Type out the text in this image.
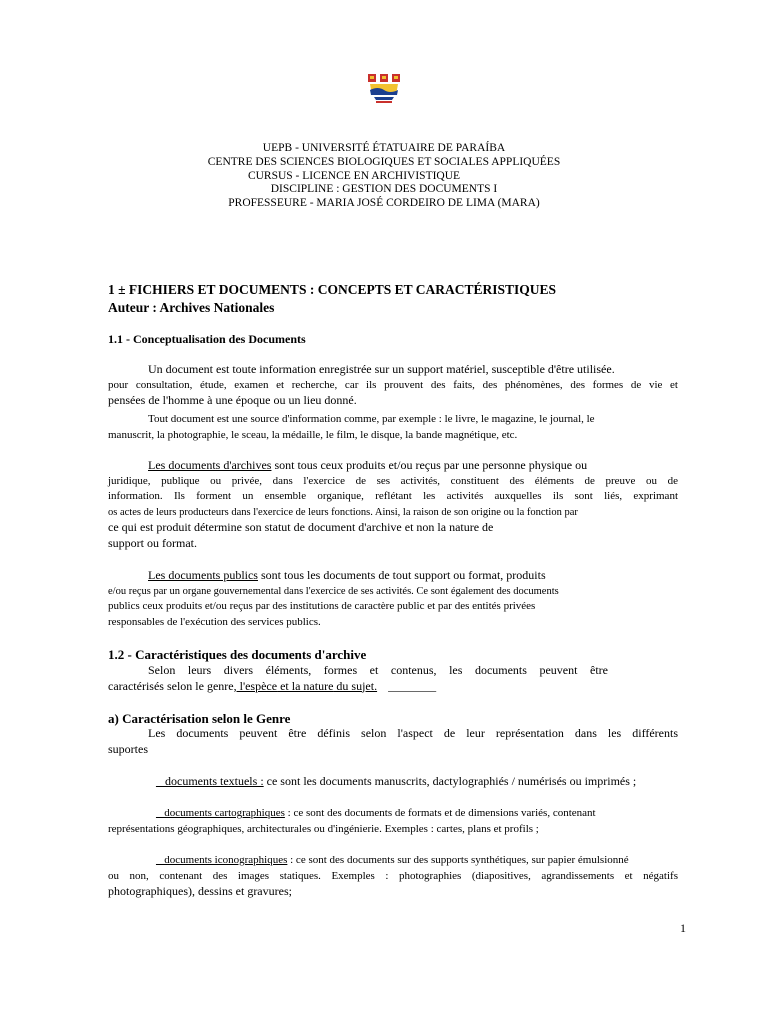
UEPB - UNIVERSITÉ ÉTATUAIRE DE PARAÍBA
CENTRE DES SCIENCES BIOLOGIQUES ET SOCIALES APPLIQUÉES
CURSUS - LICENCE EN ARCHIVISTIQUE
DISCIPLINE : GESTION DES DOCUMENTS I
PROFESSEURE - MARIA JOSÉ CORDEIRO DE LIMA (MARA)
1 ± FICHIERS ET DOCUMENTS : CONCEPTS ET CARACTÉRISTIQUES
Auteur : Archives Nationales
1.1 - Conceptualisation des Documents
Un document est toute information enregistrée sur un support matériel, susceptible d'être utilisée.
pour consultation, étude, examen et recherche, car ils prouvent des faits, des phénomènes, des formes de vie et
pensées de l'homme à une époque ou un lieu donné.
Tout document est une source d'information comme, par exemple : le livre, le magazine, le journal, le
manuscrit, la photographie, le sceau, la médaille, le film, le disque, la bande magnétique, etc.
Les documents d'archives sont tous ceux produits et/ou reçus par une personne physique ou
juridique, publique ou privée, dans l'exercice de ses activités, constituent des éléments de preuve ou de
information. Ils forment un ensemble organique, reflétant les activités auxquelles ils sont liés, exprimant
os actes de leurs producteurs dans l'exercice de leurs fonctions. Ainsi, la raison de son origine ou la fonction par
ce qui est produit détermine son statut de document d'archive et non la nature de
support ou format.
Les documents publics sont tous les documents de tout support ou format, produits
e/ou reçus par un organe gouvernemental dans l'exercice de ses activités. Ce sont également des documents
publics ceux produits et/ou reçus par des institutions de caractère public et par des entités privées
responsables de l'exécution des services publics.
1.2 - Caractéristiques des documents d'archive
Selon leurs divers éléments, formes et contenus, les documents peuvent être
caractérisés selon le genre, l'espèce et la nature du sujet. ________
a) Caractérisation selon le Genre
Les documents peuvent être définis selon l'aspect de leur représentation dans les différents
suportes
_ documents textuels : ce sont les documents manuscrits, dactylographiés / numérisés ou imprimés ;
_ documents cartographiques : ce sont des documents de formats et de dimensions variés, contenant
représentations géographiques, architecturales ou d'ingénierie. Exemples : cartes, plans et profils ;
_ documents iconographiques : ce sont des documents sur des supports synthétiques, sur papier émulsionné
ou non, contenant des images statiques. Exemples : photographies (diapositives, agrandissements et négatifs
photographiques), dessins et gravures;
1
